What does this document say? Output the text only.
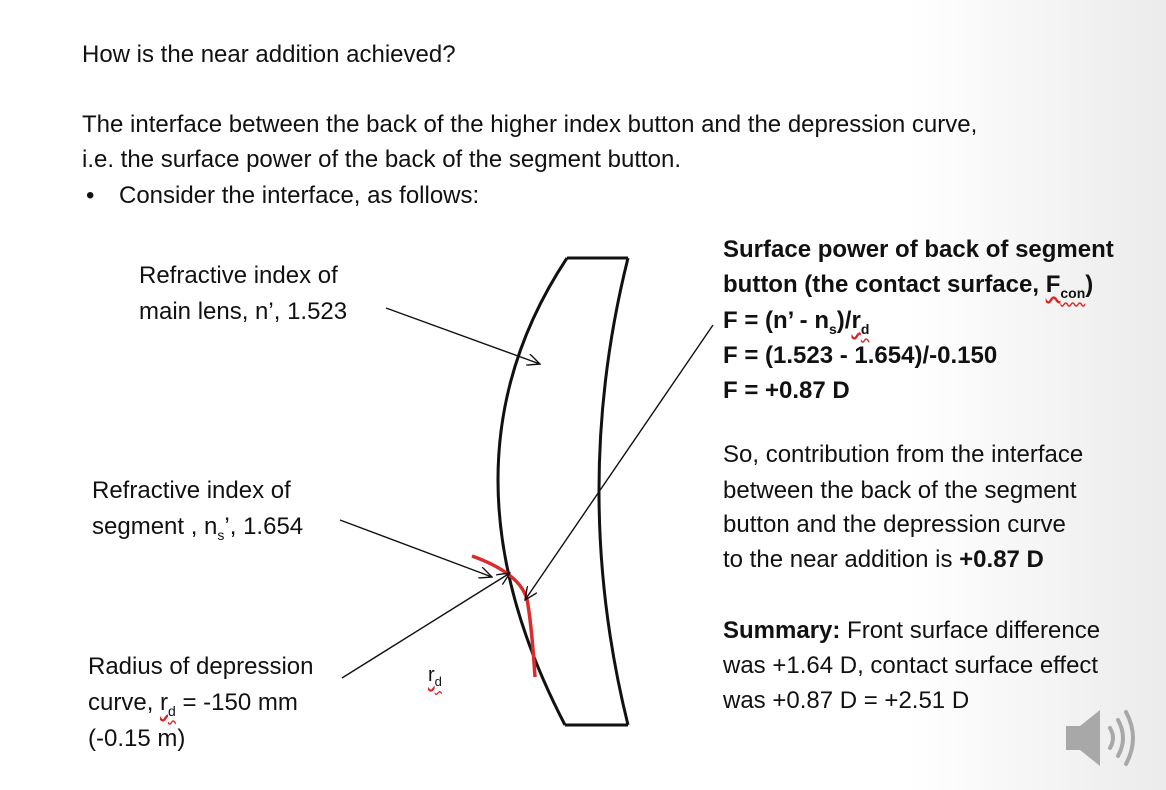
How is the near addition achieved?
The interface between the back of the higher index button and the depression curve,
i.e. the surface power of the back of the segment button.
• Consider the interface, as follows:
Refractive index of
main lens, n’, 1.523
Refractive index of
segment , $n_s$’, 1.654
Radius of depression
curve, $r_d = -150$ mm
(-0.15 m)
$r_d$
Surface power of back of segment
button (the contact surface, $F_{con}$)
F = (n’ - $n_s)/r_d$
F = (1.523 - 1.654)/-0.150
F = +0.87 D
So, contribution from the interface
between the back of the segment
button and the depression curve
to the near addition is +0.87 D
Summary: Front surface difference
was +1.64 D, contact surface effect
was +0.87 D = +2.51 D
